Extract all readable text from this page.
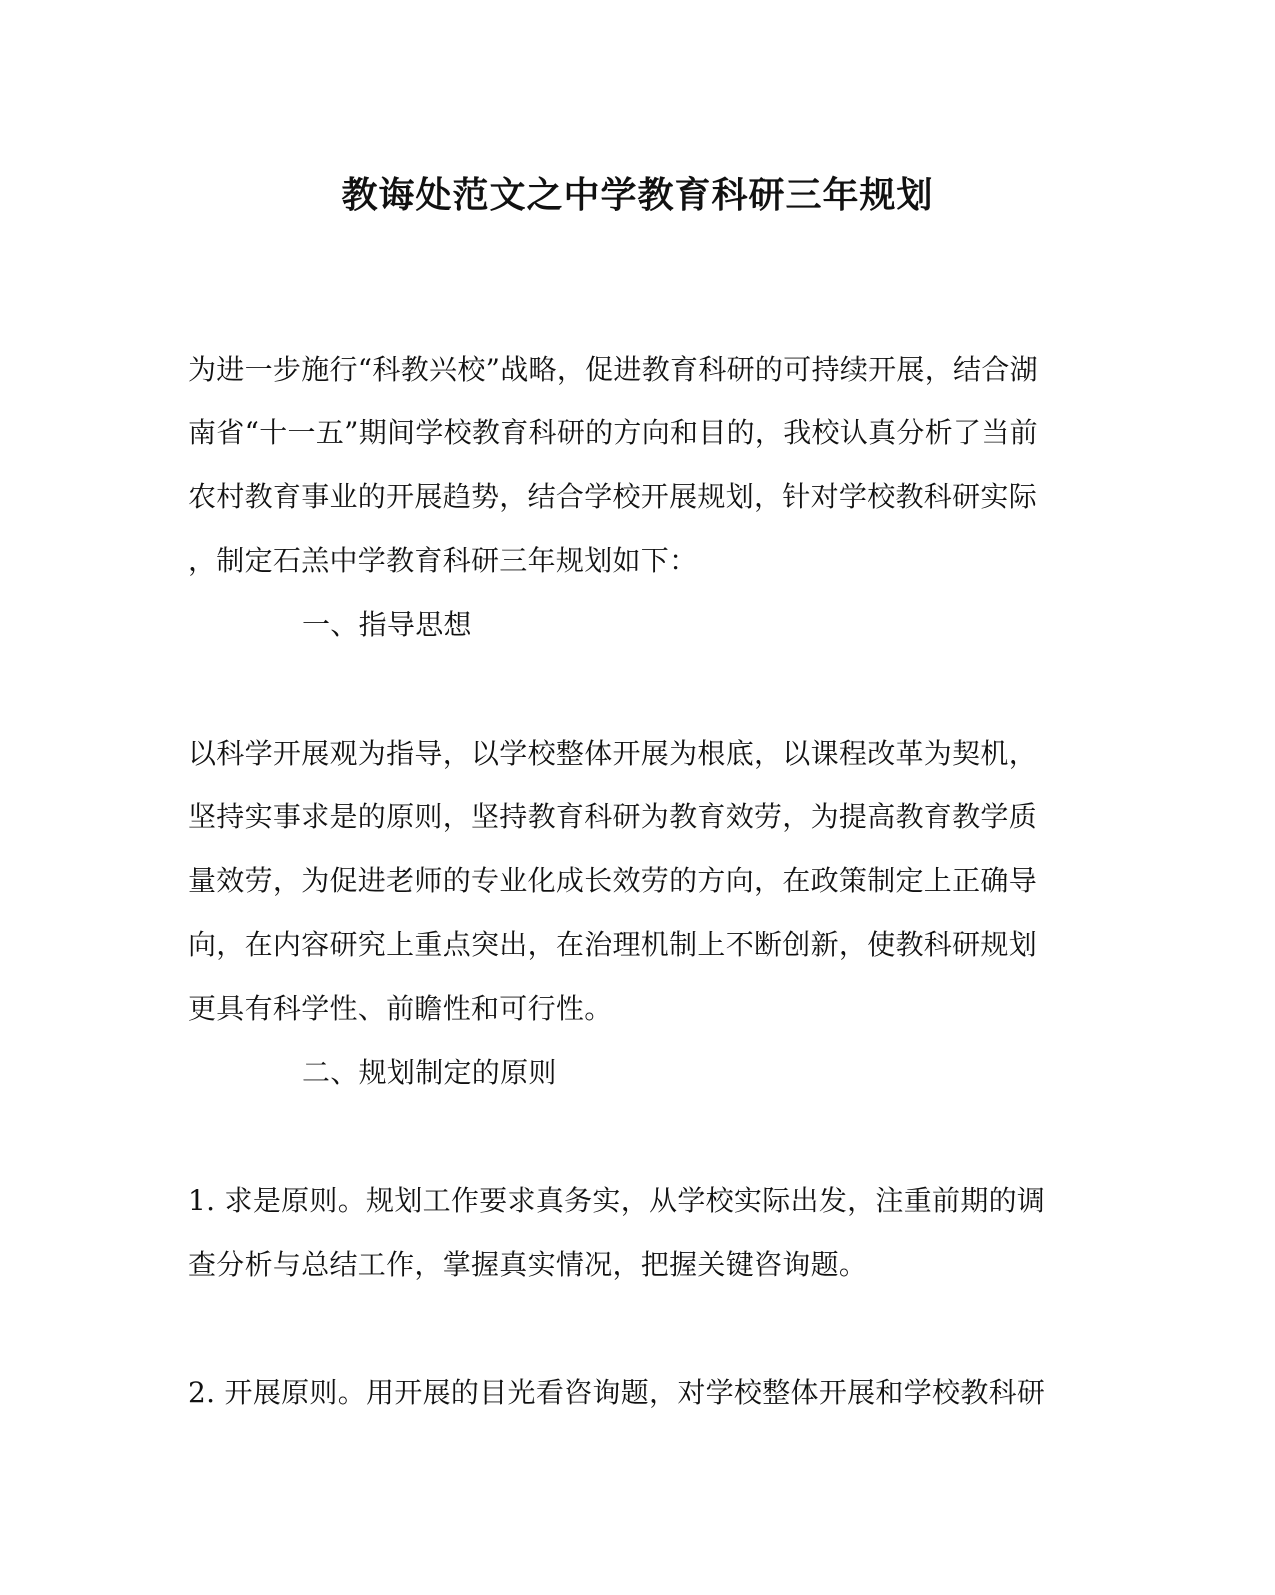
教诲处范文之中学教育科研三年规划
为进一步施行“科教兴校”战略，促进教育科研的可持续开展，结合湖
南省“十一五”期间学校教育科研的方向和目的，我校认真分析了当前
农村教育事业的开展趋势，结合学校开展规划，针对学校教科研实际
，制定石羔中学教育科研三年规划如下：
一、指导思想
以科学开展观为指导，以学校整体开展为根底，以课程改革为契机，
坚持实事求是的原则，坚持教育科研为教育效劳，为提高教育教学质
量效劳，为促进老师的专业化成长效劳的方向，在政策制定上正确导
向，在内容研究上重点突出，在治理机制上不断创新，使教科研规划
更具有科学性、前瞻性和可行性。
二、规划制定的原则
1. 求是原则。规划工作要求真务实，从学校实际出发，注重前期的调
查分析与总结工作，掌握真实情况，把握关键咨询题。
2. 开展原则。用开展的目光看咨询题，对学校整体开展和学校教科研
